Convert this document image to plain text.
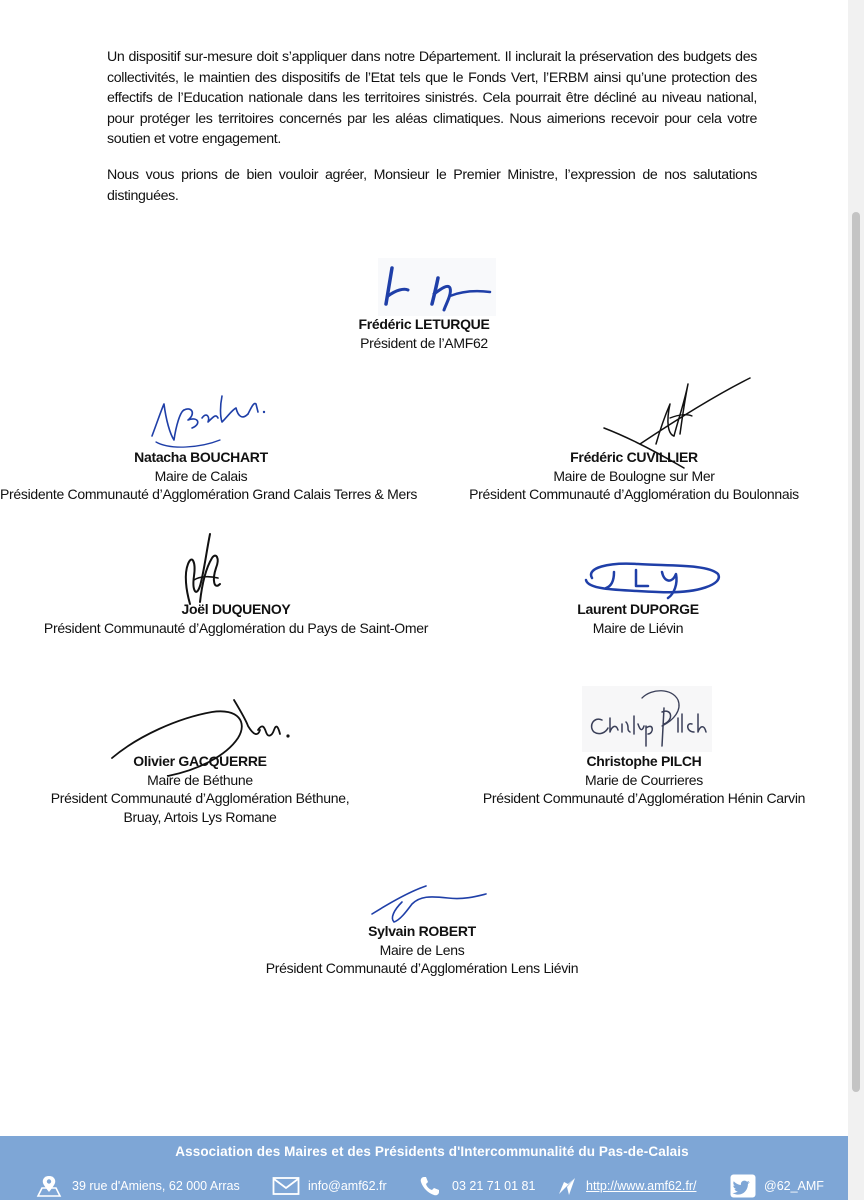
Un dispositif sur-mesure doit s’appliquer dans notre Département. Il inclurait la préservation des budgets des collectivités, le maintien des dispositifs de l’Etat tels que le Fonds Vert, l’ERBM ainsi qu’une protection des effectifs de l’Education nationale dans les territoires sinistrés. Cela pourrait être décliné au niveau national, pour protéger les territoires concernés par les aléas climatiques. Nous aimerions recevoir pour cela votre soutien et votre engagement.

Nous vous prions de bien vouloir agréer, Monsieur le Premier Ministre, l’expression de nos salutations distinguées.

Frédéric LETURQUE
Président de l’AMF62
Natacha BOUCHART
Maire de Calais
Présidente Communauté d’Agglomération Grand Calais Terres & Mers
Frédéric CUVILLIER
Maire de Boulogne sur Mer
Président Communauté d’Agglomération du Boulonnais
Joël DUQUENOY
Président Communauté d’Agglomération du Pays de Saint-Omer
Laurent DUPORGE
Maire de Liévin
Olivier GACQUERRE
Maire de Béthune
Président Communauté d’Agglomération Béthune,
Bruay, Artois Lys Romane
Christophe PILCH
Marie de Courrieres
Président Communauté d’Agglomération Hénin Carvin
Sylvain ROBERT
Maire de Lens
Président Communauté d’Agglomération Lens Liévin
Association des Maires et des Présidents d'Intercommunalité du Pas-de-Calais
39 rue d'Amiens, 62 000 Arras	info@amf62.fr	03 21 71 01 81	http://www.amf62.fr/	@62_AMF
